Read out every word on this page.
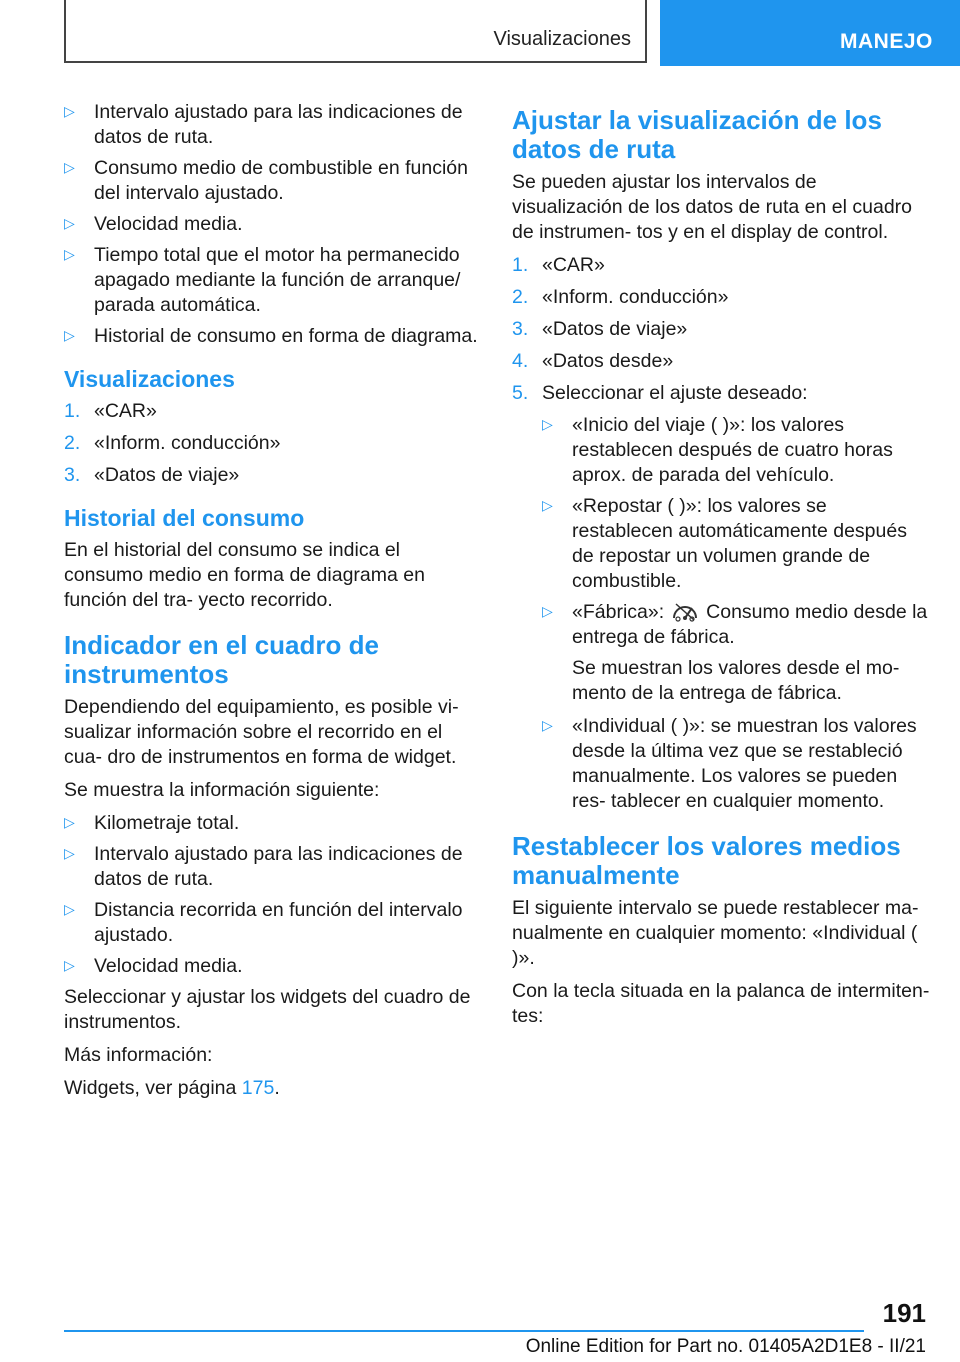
Visualizaciones	MANEJO
▷ Intervalo ajustado para las indicaciones de datos de ruta.
▷ Consumo medio de combustible en función del intervalo ajustado.
▷ Velocidad media.
▷ Tiempo total que el motor ha permanecido apagado mediante la función de arranque/ parada automática.
▷ Historial de consumo en forma de diagrama.
Visualizaciones
1. «CAR»
2. «Inform. conducción»
3. «Datos de viaje»
Historial del consumo

En el historial del consumo se indica el consumo medio en forma de diagrama en función del tra- yecto recorrido.

Indicador en el cuadro de instrumentos

Dependiendo del equipamiento, es posible vi- sualizar información sobre el recorrido en el cua- dro de instrumentos en forma de widget.

Se muestra la información siguiente:

▷ Kilometraje total.
▷ Intervalo ajustado para las indicaciones de datos de ruta.
▷ Distancia recorrida en función del intervalo ajustado.
▷ Velocidad media.

Seleccionar y ajustar los widgets del cuadro de instrumentos.

Más información:

Widgets, ver página 175.

Ajustar la visualización de los datos de ruta

Se pueden ajustar los intervalos de visualización de los datos de ruta en el cuadro de instrumen- tos y en el display de control.

1. «CAR»
2. «Inform. conducción»
3. «Datos de viaje»
4. «Datos desde»
5. Seleccionar el ajuste deseado:
▷ «Inicio del viaje ( )»: los valores restablecen después de cuatro horas aprox. de parada del vehículo.
▷ «Repostar ( )»: los valores se restablecen automáticamente después de repostar un volumen grande de combustible.
▷ «Fábrica»: Consumo medio desde la entrega de fábrica.

Se muestran los valores desde el mo- mento de la entrega de fábrica.

▷ «Individual ( )»: se muestran los valores desde la última vez que se restableció manualmente. Los valores se pueden res- tablecer en cualquier momento.
Restablecer los valores medios manualmente

El siguiente intervalo se puede restablecer ma- nualmente en cualquier momento: «Individual ( )».

Con la tecla situada en la palanca de intermiten- tes:

191
Online Edition for Part no. 01405A2D1E8 - II/21
